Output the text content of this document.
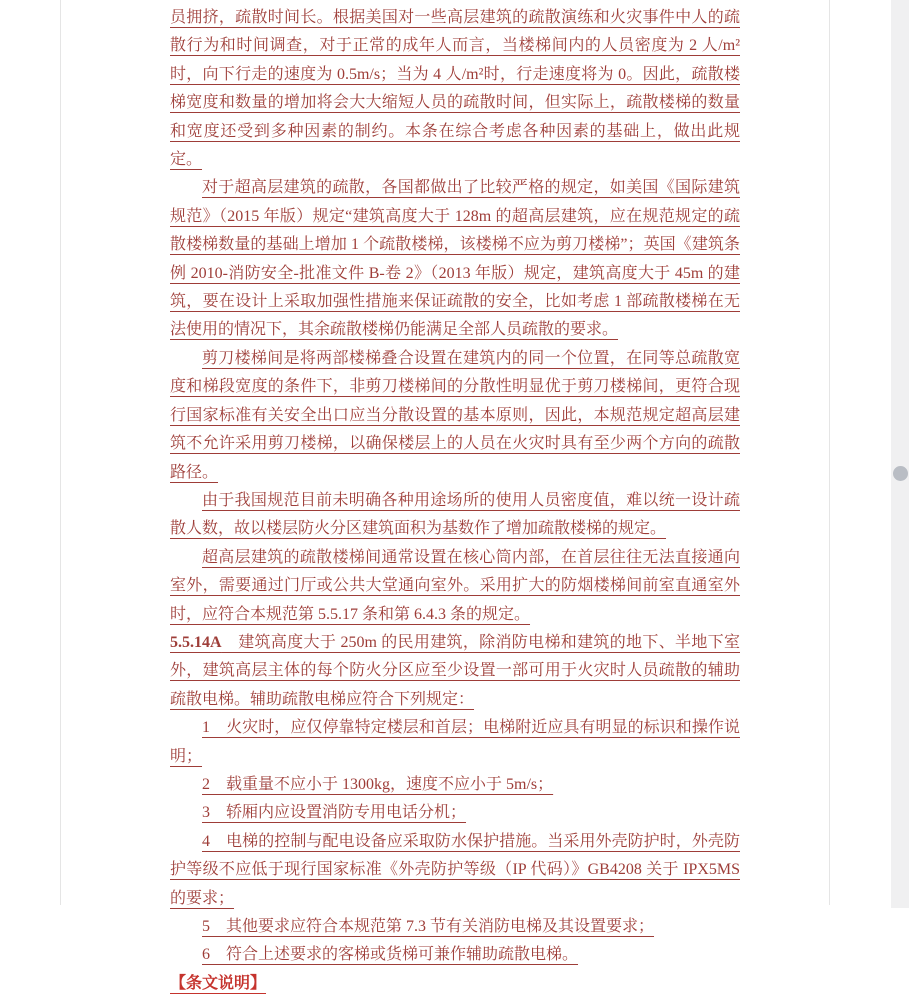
员拥挤，疏散时间长。根据美国对一些高层建筑的疏散演练和火灾事件中人的疏散行为和时间调查，对于正常的成年人而言，当楼梯间内的人员密度为 2 人/m²时，向下行走的速度为 0.5m/s；当为 4 人/m²时，行走速度将为 0。因此，疏散楼梯宽度和数量的增加将会大大缩短人员的疏散时间，但实际上，疏散楼梯的数量和宽度还受到多种因素的制约。本条在综合考虑各种因素的基础上，做出此规定。

对于超高层建筑的疏散，各国都做出了比较严格的规定，如美国《国际建筑规范》（2015 年版）规定“建筑高度大于 128m 的超高层建筑，应在规范规定的疏散楼梯数量的基础上增加 1 个疏散楼梯，该楼梯不应为剪刀楼梯”；英国《建筑条例 2010-消防安全-批准文件 B-卷 2》（2013 年版）规定，建筑高度大于 45m 的建筑，要在设计上采取加强性措施来保证疏散的安全，比如考虑 1 部疏散楼梯在无法使用的情况下，其余疏散楼梯仍能满足全部人员疏散的要求。

剪刀楼梯间是将两部楼梯叠合设置在建筑内的同一个位置，在同等总疏散宽度和梯段宽度的条件下，非剪刀楼梯间的分散性明显优于剪刀楼梯间，更符合现行国家标准有关安全出口应当分散设置的基本原则，因此，本规范规定超高层建筑不允许采用剪刀楼梯，以确保楼层上的人员在火灾时具有至少两个方向的疏散路径。

由于我国规范目前未明确各种用途场所的使用人员密度值，难以统一设计疏散人数，故以楼层防火分区建筑面积为基数作了增加疏散楼梯的规定。

超高层建筑的疏散楼梯间通常设置在核心筒内部，在首层往往无法直接通向室外，需要通过门厅或公共大堂通向室外。采用扩大的防烟楼梯间前室直通室外时，应符合本规范第 5.5.17 条和第 6.4.3 条的规定。

5.5.14A　建筑高度大于 250m 的民用建筑，除消防电梯和建筑的地下、半地下室外，建筑高层主体的每个防火分区应至少设置一部可用于火灾时人员疏散的辅助疏散电梯。辅助疏散电梯应符合下列规定：

1　火灾时，应仅停靠特定楼层和首层；电梯附近应具有明显的标识和操作说明；

2　载重量不应小于 1300kg，速度不应小于 5m/s；

3　轿厢内应设置消防专用电话分机；

4　电梯的控制与配电设备应采取防水保护措施。当采用外壳防护时，外壳防护等级不应低于现行国家标准《外壳防护等级（IP 代码）》GB4208 关于 IPX5MS 的要求；

5　其他要求应符合本规范第 7.3 节有关消防电梯及其设置要求；

6　符合上述要求的客梯或货梯可兼作辅助疏散电梯。

【条文说明】
